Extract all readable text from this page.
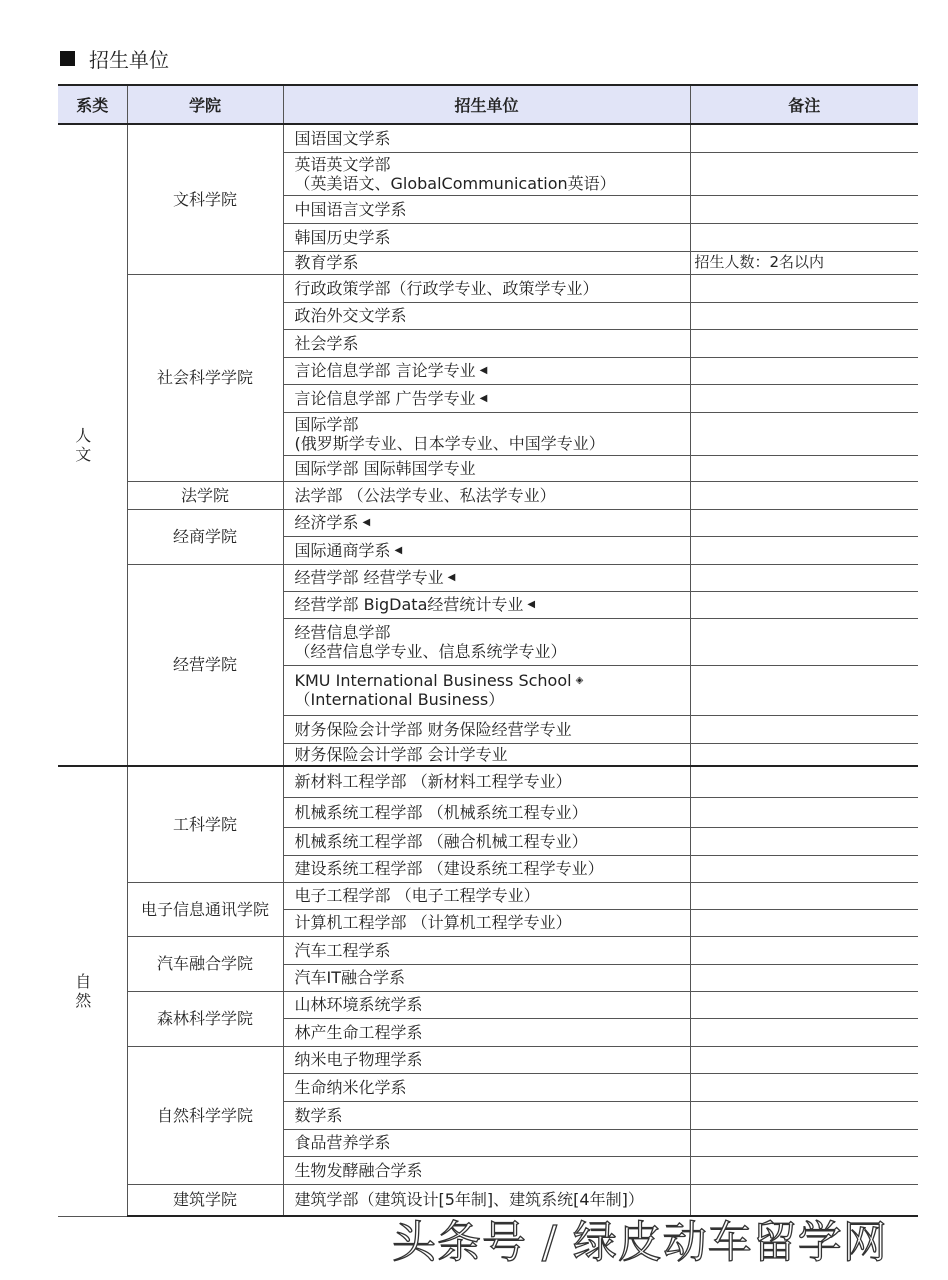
招生单位
系类	学院	招生单位	备注
人 文	文科学院	国语国文学系	

		英语英文学部
（英美语文、GlobalCommunication英语）	

		中国语言文学系	

		韩国历史学系	

		教育学系	招生人数：2名以内
	社会科学学院	行政政策学部（行政学专业、政策学专业）	

		政治外交文学系	

		社会学系	

		言论信息学部 言论学专业 ◀

		言论信息学部 广告学专业 ◀

		国际学部
(俄罗斯学专业、日本学专业、中国学专业）	

		国际学部 国际韩国学专业	

	法学院	法学部 （公法学专业、私法学专业）	

	经商学院	经济学系 ◀

		国际通商学系 ◀

	经营学院	经营学部 经营学专业 ◀

		经营学部 BigData经营统计专业 ◀

		经营信息学部
（经营信息学专业、信息系统学专业）	

		KMU International Business School ◈
（International Business）	

		财务保险会计学部 财务保险经营学专业	

		财务保险会计学部 会计学专业	

自 然	工科学院	新材料工程学部 （新材料工程学专业）	

		机械系统工程学部 （机械系统工程专业）	

		机械系统工程学部 （融合机械工程专业）	

		建设系统工程学部 （建设系统工程学专业）	

	电子信息通讯学院	电子工程学部 （电子工程学专业）	

		计算机工程学部 （计算机工程学专业）	

	汽车融合学院	汽车工程学系	

		汽车IT融合学系	

	森林科学学院	山林环境系统学系	

		林产生命工程学系	

	自然科学学院	纳米电子物理学系	

		生命纳米化学系	

		数学系	

		食品营养学系	

		生物发酵融合学系	

	建筑学院	建筑学部（建筑设计[5年制]、建筑系统[4年制]）	

头条号 / 绿皮动车留学网
